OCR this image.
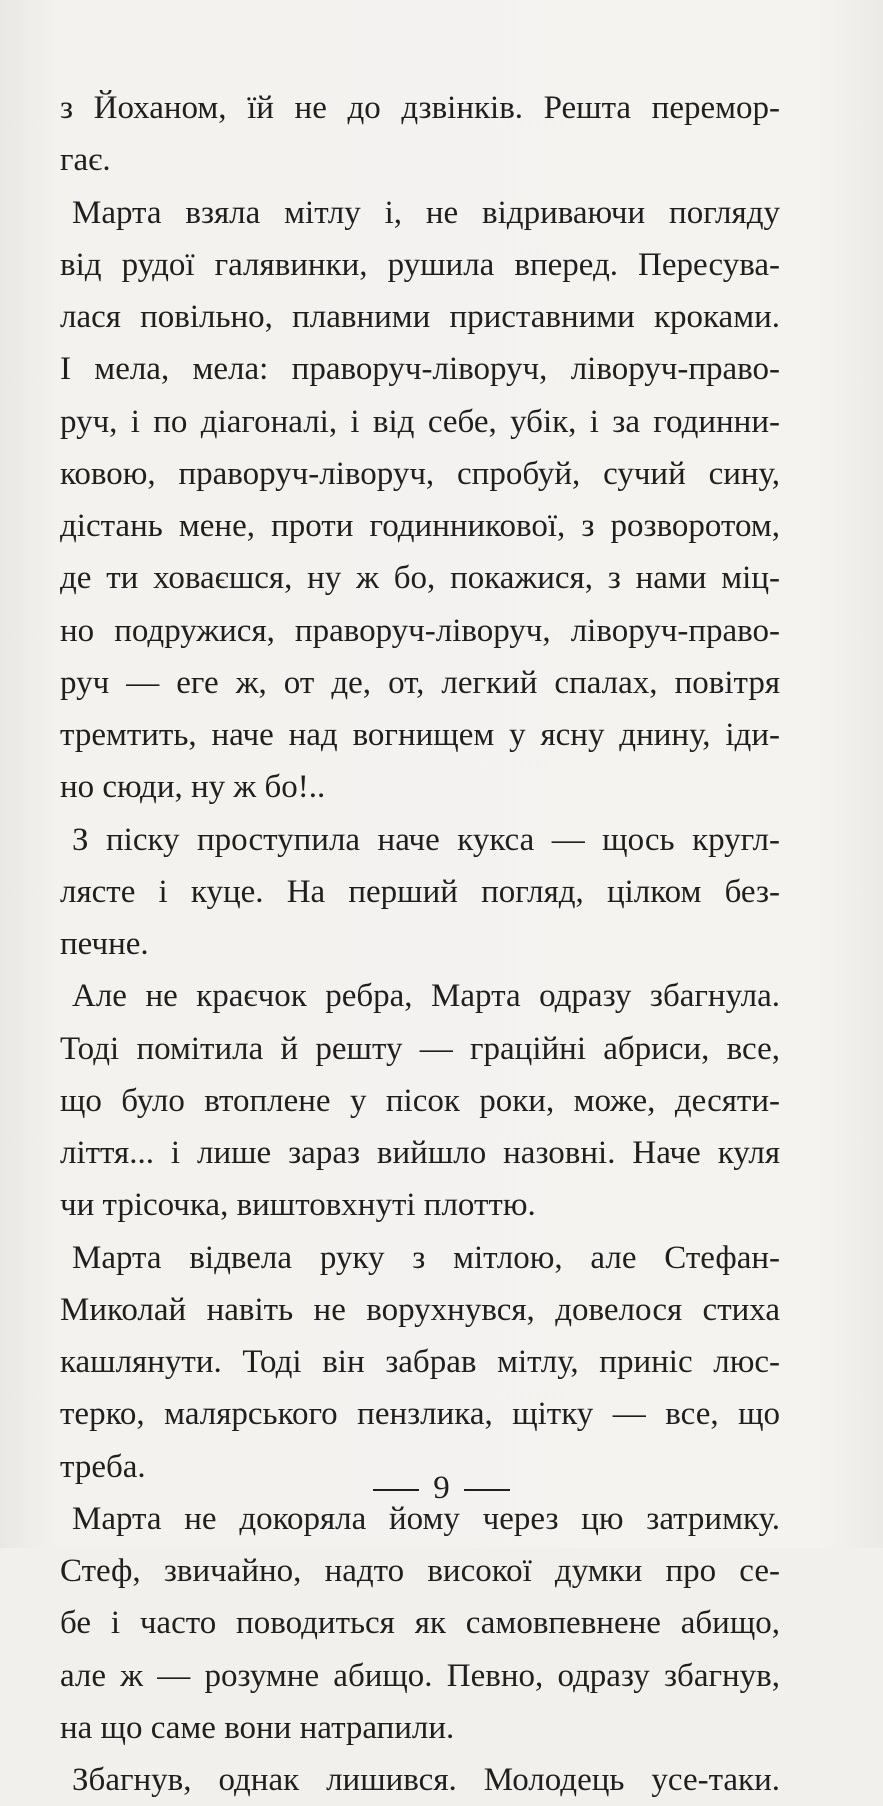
з Йоханом, їй не до дзвінків. Решта перемор-
гає.
Марта взяла мітлу і, не відриваючи погляду
від рудої галявинки, рушила вперед. Пересува-
лася повільно, плавними приставними кроками.
І мела, мела: праворуч-ліворуч, ліворуч-право-
руч, і по діагоналі, і від себе, убік, і за годинни-
ковою, праворуч-ліворуч, спробуй, сучий сину,
дістань мене, проти годинникової, з розворотом,
де ти ховаєшся, ну ж бо, покажися, з нами міц-
но подружися, праворуч-ліворуч, ліворуч-право-
руч — еге ж, от де, от, легкий спалах, повітря
тремтить, наче над вогнищем у ясну днину, іди-
но сюди, ну ж бо!..
З піску проступила наче кукса — щось кругл-
лясте і куце. На перший погляд, цілком без-
печне.
Але не краєчок ребра, Марта одразу збагнула.
Тоді помітила й решту — граційні абриси, все,
що було втоплене у пісок роки, може, десяти-
ліття... і лише зараз вийшло назовні. Наче куля
чи трісочка, виштовхнуті плоттю.
Марта відвела руку з мітлою, але Стефан-
Миколай навіть не ворухнувся, довелося стиха
кашлянути. Тоді він забрав мітлу, приніс люс-
терко, малярського пензлика, щітку — все, що
треба.
Марта не докоряла йому через цю затримку.
Стеф, звичайно, надто високої думки про се-
бе і часто поводиться як самовпевнене абищо,
але ж — розумне абищо. Певно, одразу збагнув,
на що саме вони натрапили.
Збагнув, однак лишився. Молодець усе-таки.
9
